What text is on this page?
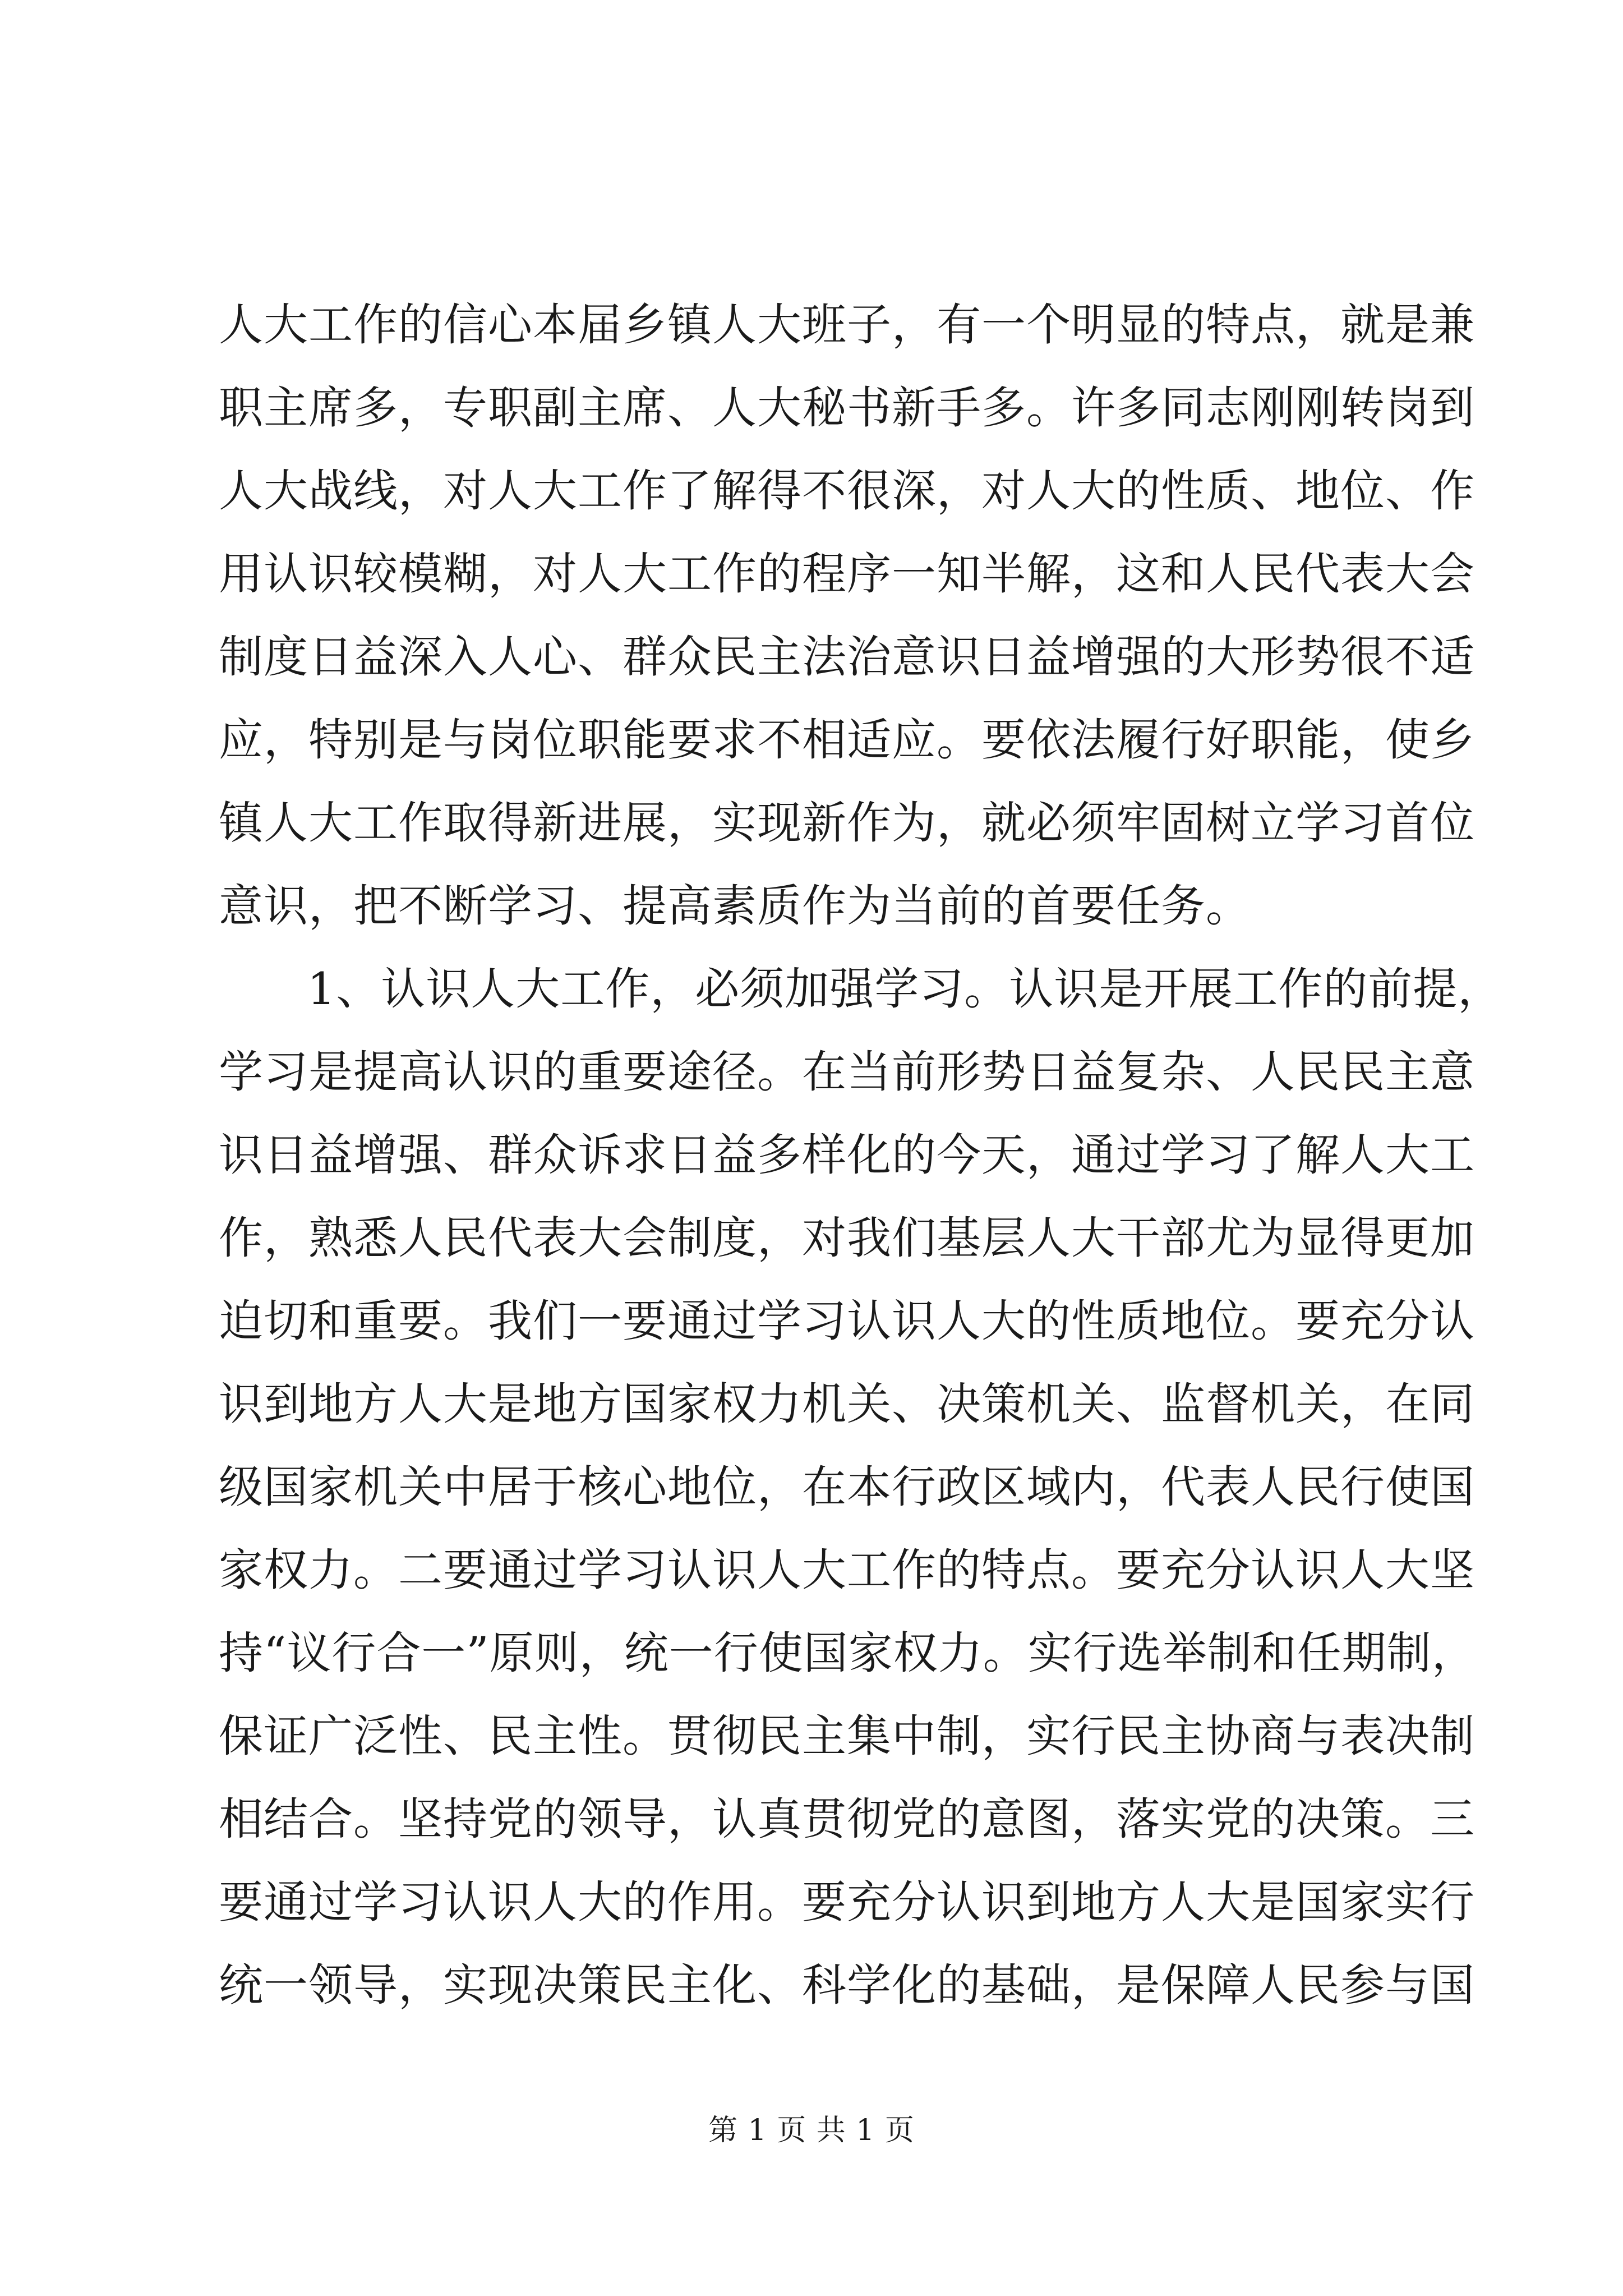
人大工作的信心本届乡镇人大班子，有一个明显的特点，就是兼
职主席多，专职副主席、人大秘书新手多。许多同志刚刚转岗到
人大战线，对人大工作了解得不很深，对人大的性质、地位、作
用认识较模糊，对人大工作的程序一知半解，这和人民代表大会
制度日益深入人心、群众民主法治意识日益增强的大形势很不适
应，特别是与岗位职能要求不相适应。要依法履行好职能，使乡
镇人大工作取得新进展，实现新作为，就必须牢固树立学习首位
意识，把不断学习、提高素质作为当前的首要任务。
1、认识人大工作，必须加强学习。认识是开展工作的前提，
学习是提高认识的重要途径。在当前形势日益复杂、人民民主意
识日益增强、群众诉求日益多样化的今天，通过学习了解人大工
作，熟悉人民代表大会制度，对我们基层人大干部尤为显得更加
迫切和重要。我们一要通过学习认识人大的性质地位。要充分认
识到地方人大是地方国家权力机关、决策机关、监督机关，在同
级国家机关中居于核心地位，在本行政区域内，代表人民行使国
家权力。二要通过学习认识人大工作的特点。要充分认识人大坚
持“议行合一”原则，统一行使国家权力。实行选举制和任期制，
保证广泛性、民主性。贯彻民主集中制，实行民主协商与表决制
相结合。坚持党的领导，认真贯彻党的意图，落实党的决策。三
要通过学习认识人大的作用。要充分认识到地方人大是国家实行
统一领导，实现决策民主化、科学化的基础，是保障人民参与国
第 1 页 共 1 页
